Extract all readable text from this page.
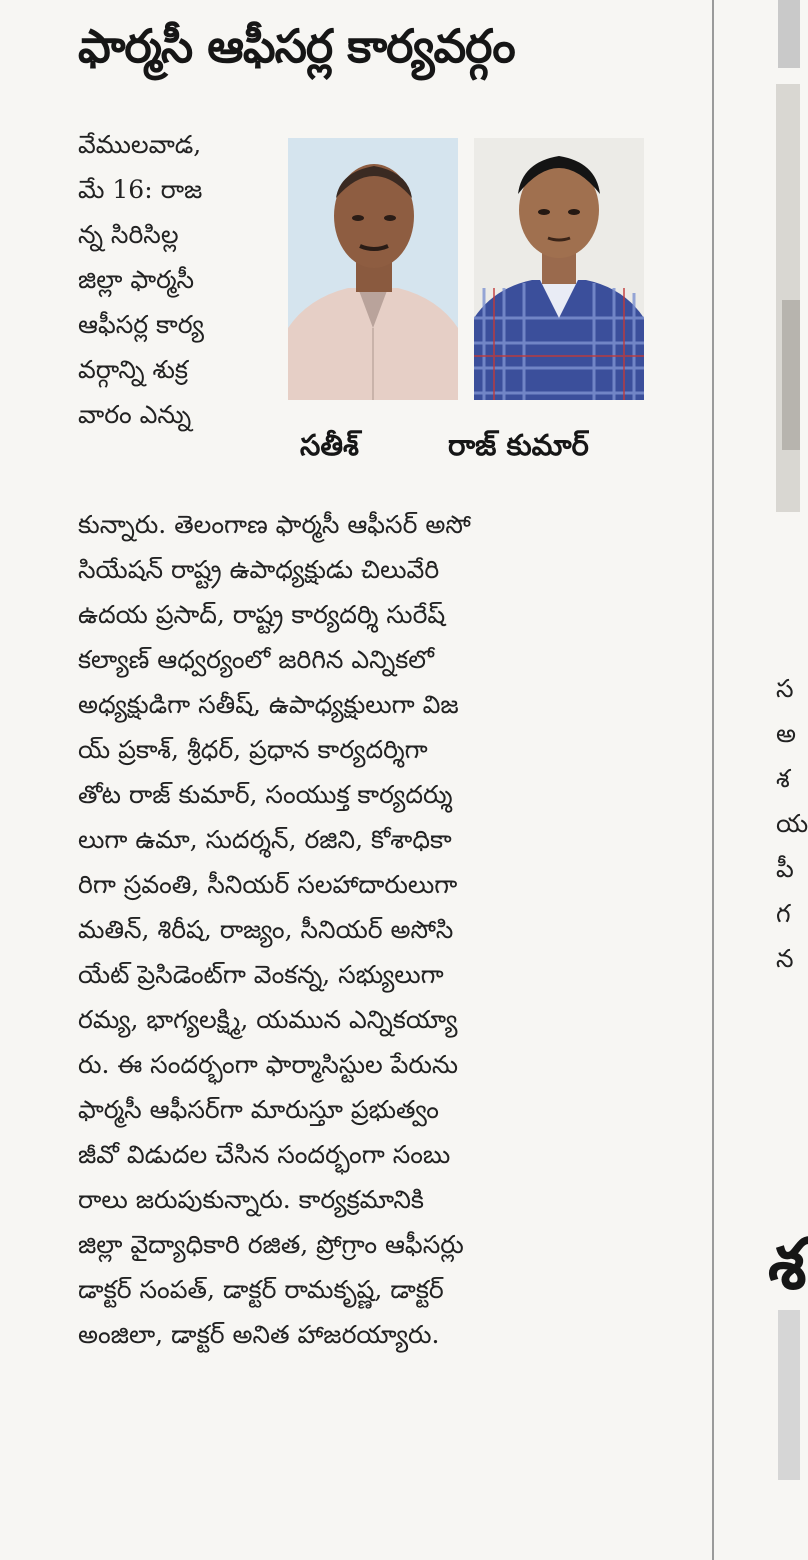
ఫార్మసీ ఆఫీసర్ల కార్యవర్గం
వేములవాడ,
మే 16: రాజ
న్న సిరిసిల్ల
జిల్లా ఫార్మసీ
ఆఫీసర్ల కార్య
వర్గాన్ని శుక్ర
వారం ఎన్ను
సతీశ్	రాజ్ కుమార్
కున్నారు. తెలంగాణ ఫార్మసీ ఆఫీసర్ అసో
సియేషన్ రాష్ట్ర ఉపాధ్యక్షుడు చిలువేరి
ఉదయ ప్రసాద్, రాష్ట్ర కార్యదర్శి సురేష్
కల్యాణ్ ఆధ్వర్యంలో జరిగిన ఎన్నికలో
అధ్యక్షుడిగా సతీష్, ఉపాధ్యక్షులుగా విజ
య్ ప్రకాశ్, శ్రీధర్, ప్రధాన కార్యదర్శిగా
తోట రాజ్ కుమార్, సంయుక్త కార్యదర్శు
లుగా ఉమా, సుదర్శన్, రజిని, కోశాధికా
రిగా స్రవంతి, సీనియర్ సలహాదారులుగా
మతిన్, శిరీష, రాజ్యం, సీనియర్ అసోసి
యేట్ ప్రెసిడెంట్‌గా వెంకన్న, సభ్యులుగా
రమ్య, భాగ్యలక్ష్మి, యమున ఎన్నికయ్యా
రు. ఈ సందర్భంగా ఫార్మాసిస్టుల పేరును
ఫార్మసీ ఆఫీసర్‌గా మారుస్తూ ప్రభుత్వం
జీవో విడుదల చేసిన సందర్భంగా సంబు
రాలు జరుపుకున్నారు. కార్యక్రమానికి
జిల్లా వైద్యాధికారి రజిత, ప్రోగ్రాం ఆఫీసర్లు
డాక్టర్ సంపత్, డాక్టర్ రామకృష్ణ, డాక్టర్
అంజిలా, డాక్టర్ అనిత హాజరయ్యారు.
స
అ
శ
య
పీ
గ
న
శ
